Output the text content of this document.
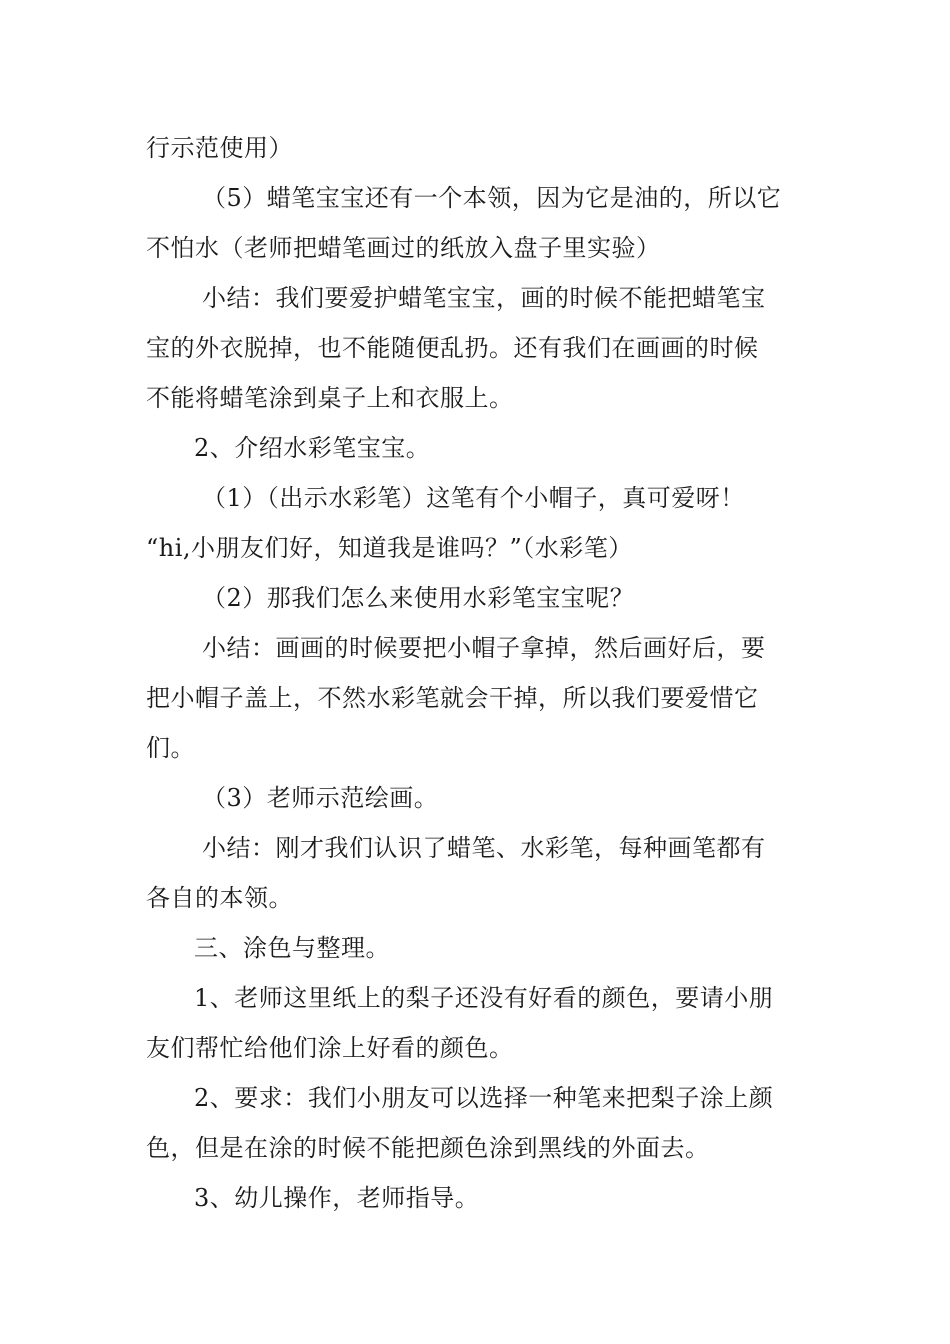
行示范使用）
（5）蜡笔宝宝还有一个本领，因为它是油的，所以它
不怕水（老师把蜡笔画过的纸放入盘子里实验）
小结：我们要爱护蜡笔宝宝，画的时候不能把蜡笔宝
宝的外衣脱掉，也不能随便乱扔。还有我们在画画的时候
不能将蜡笔涂到桌子上和衣服上。
2、介绍水彩笔宝宝。
（1）（出示水彩笔）这笔有个小帽子，真可爱呀！
“hi,小朋友们好，知道我是谁吗？”（水彩笔）
（2）那我们怎么来使用水彩笔宝宝呢？
小结：画画的时候要把小帽子拿掉，然后画好后，要
把小帽子盖上，不然水彩笔就会干掉，所以我们要爱惜它
们。
（3）老师示范绘画。
小结：刚才我们认识了蜡笔、水彩笔，每种画笔都有
各自的本领。
三、涂色与整理。
1、老师这里纸上的梨子还没有好看的颜色，要请小朋
友们帮忙给他们涂上好看的颜色。
2、要求：我们小朋友可以选择一种笔来把梨子涂上颜
色，但是在涂的时候不能把颜色涂到黑线的外面去。
3、幼儿操作，老师指导。
